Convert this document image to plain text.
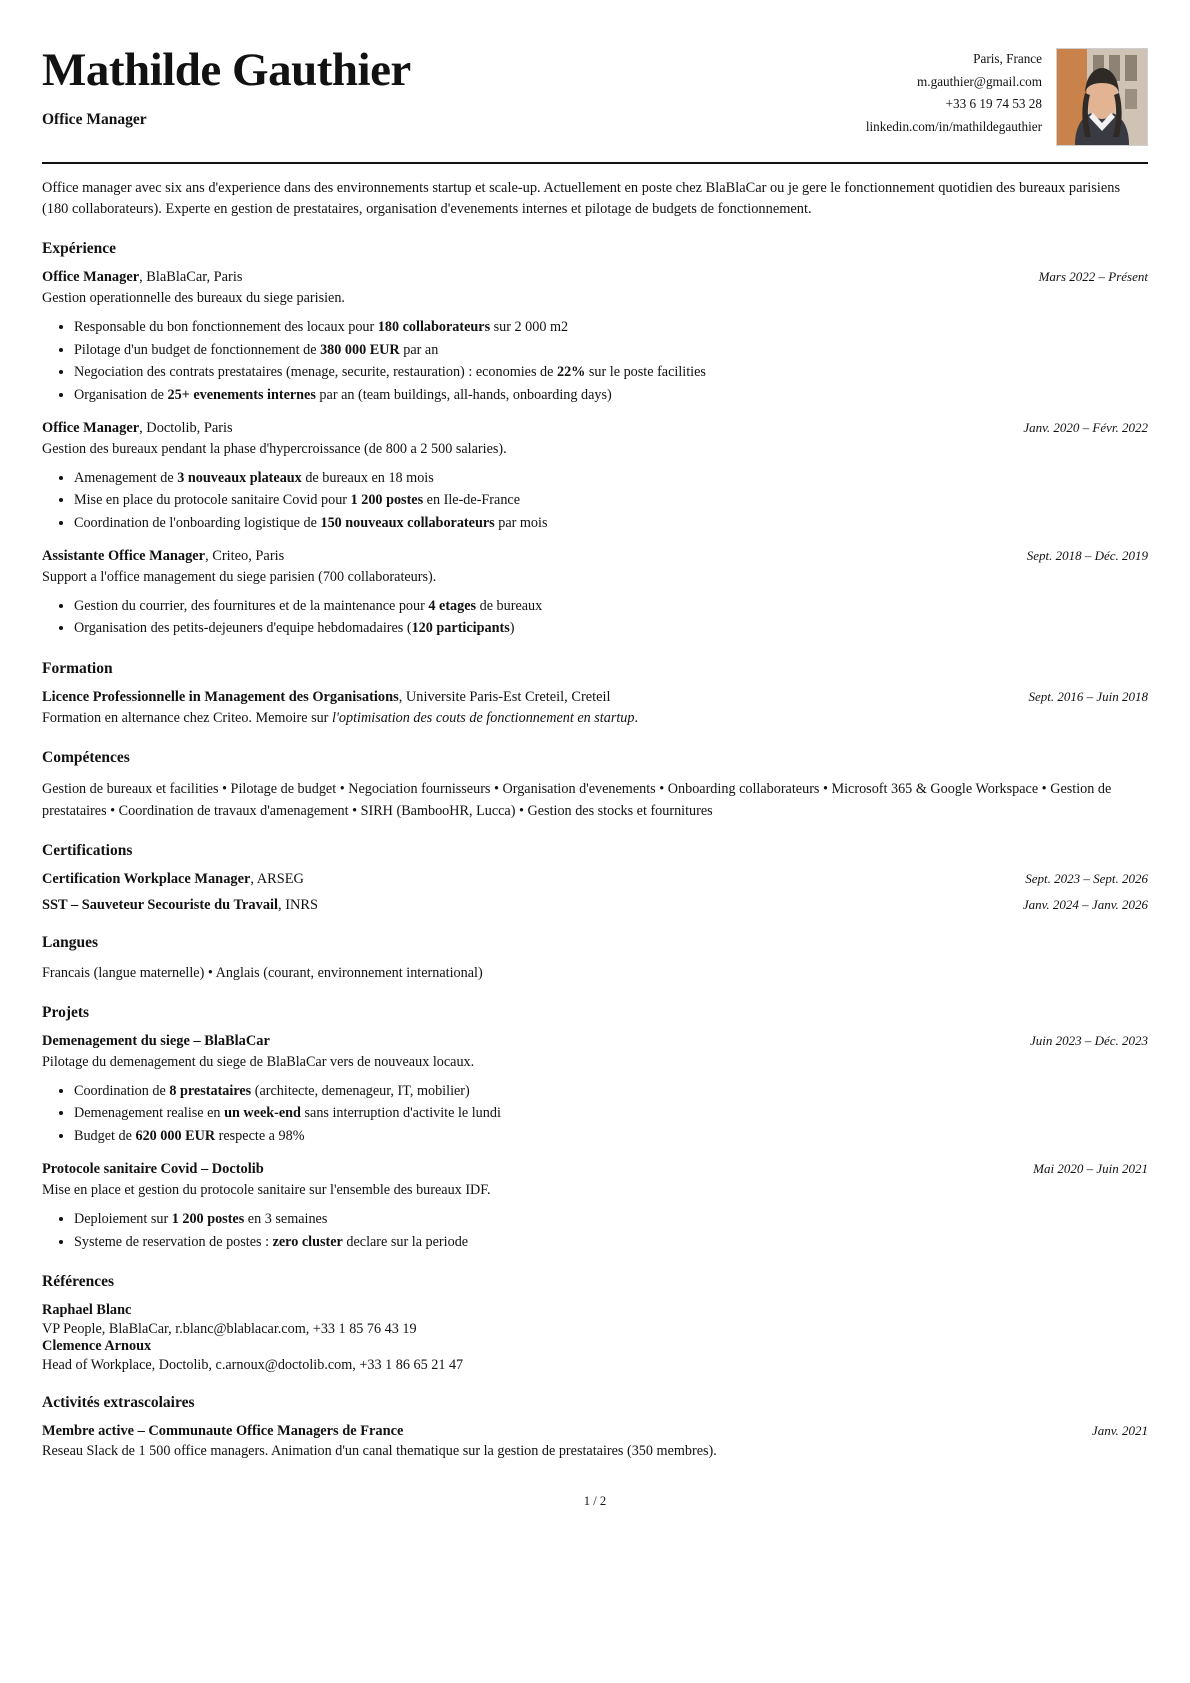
Mathilde Gauthier
Office Manager
Paris, France
m.gauthier@gmail.com
+33 6 19 74 53 28
linkedin.com/in/mathildegauthier
Office manager avec six ans d'experience dans des environnements startup et scale-up. Actuellement en poste chez BlaBlaCar ou je gere le fonctionnement quotidien des bureaux parisiens (180 collaborateurs). Experte en gestion de prestataires, organisation d'evenements internes et pilotage de budgets de fonctionnement.
Expérience
Office Manager, BlaBlaCar, Paris	Mars 2022 – Présent
Gestion operationnelle des bureaux du siege parisien.
• Responsable du bon fonctionnement des locaux pour 180 collaborateurs sur 2 000 m2
• Pilotage d'un budget de fonctionnement de 380 000 EUR par an
• Negociation des contrats prestataires (menage, securite, restauration) : economies de 22% sur le poste facilities
• Organisation de 25+ evenements internes par an (team buildings, all-hands, onboarding days)
Office Manager, Doctolib, Paris	Janv. 2020 – Févr. 2022
Gestion des bureaux pendant la phase d'hypercroissance (de 800 a 2 500 salaries).
• Amenagement de 3 nouveaux plateaux de bureaux en 18 mois
• Mise en place du protocole sanitaire Covid pour 1 200 postes en Ile-de-France
• Coordination de l'onboarding logistique de 150 nouveaux collaborateurs par mois
Assistante Office Manager, Criteo, Paris	Sept. 2018 – Déc. 2019
Support a l'office management du siege parisien (700 collaborateurs).
• Gestion du courrier, des fournitures et de la maintenance pour 4 etages de bureaux
• Organisation des petits-dejeuners d'equipe hebdomadaires (120 participants)
Formation
Licence Professionnelle in Management des Organisations, Universite Paris-Est Creteil, Creteil	Sept. 2016 – Juin 2018
Formation en alternance chez Criteo. Memoire sur l'optimisation des couts de fonctionnement en startup.
Compétences
Gestion de bureaux et facilities • Pilotage de budget • Negociation fournisseurs • Organisation d'evenements • Onboarding collaborateurs • Microsoft 365 & Google Workspace • Gestion de prestataires • Coordination de travaux d'amenagement • SIRH (BambooHR, Lucca) • Gestion des stocks et fournitures
Certifications
Certification Workplace Manager, ARSEG	Sept. 2023 – Sept. 2026
SST – Sauveteur Secouriste du Travail, INRS	Janv. 2024 – Janv. 2026
Langues
Francais (langue maternelle) • Anglais (courant, environnement international)
Projets
Demenagement du siege – BlaBlaCar	Juin 2023 – Déc. 2023
Pilotage du demenagement du siege de BlaBlaCar vers de nouveaux locaux.
• Coordination de 8 prestataires (architecte, demenageur, IT, mobilier)
• Demenagement realise en un week-end sans interruption d'activite le lundi
• Budget de 620 000 EUR respecte a 98%
Protocole sanitaire Covid – Doctolib	Mai 2020 – Juin 2021
Mise en place et gestion du protocole sanitaire sur l'ensemble des bureaux IDF.
• Deploiement sur 1 200 postes en 3 semaines
• Systeme de reservation de postes : zero cluster declare sur la periode
Références
Raphael Blanc
VP People, BlaBlaCar, r.blanc@blablacar.com, +33 1 85 76 43 19
Clemence Arnoux
Head of Workplace, Doctolib, c.arnoux@doctolib.com, +33 1 86 65 21 47
Activités extrascolaires
Membre active – Communaute Office Managers de France	Janv. 2021
Reseau Slack de 1 500 office managers. Animation d'un canal thematique sur la gestion de prestataires (350 membres).
1 / 2
